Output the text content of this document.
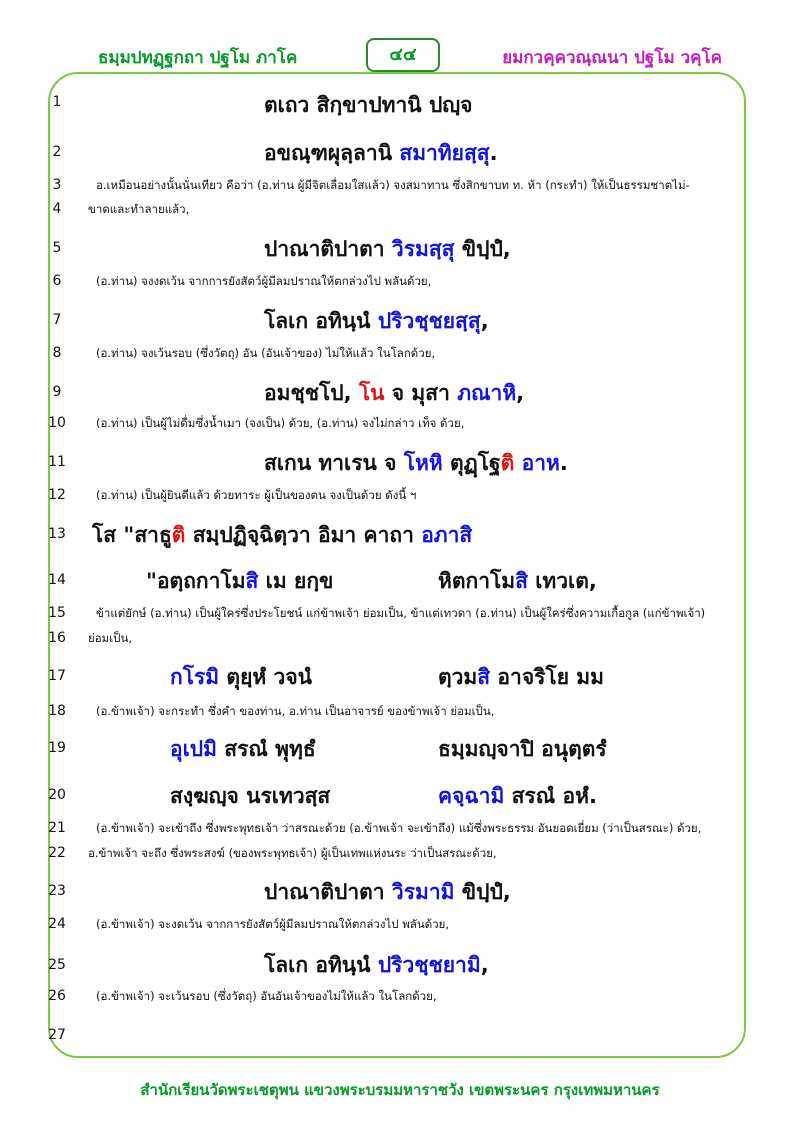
ธมฺมปทฏฺฐกถา ปฐโม ภาโค	๔๔	ยมกวคฺควณฺณนา ปฐโม วคฺโค
1
2
3
4
5
6
7
8
9
10
11
12
13
14
15
16
17
18
19
20
21
22
23
24
25
26
27
ตเถว สิกฺขาปทานิ ปญฺจ
อขณฺฑผุลฺลานิ สมาทิยสฺสุ.
อ.เหมือนอย่างนั้นนั่นเทียว คือว่า (อ.ท่าน ผู้มีจิตเลื่อมใสแล้ว) จงสมาทาน ซึ่งสิกขาบท ท. ห้า (กระทำ) ให้เป็นธรรมชาตไม่-
ขาดและทำลายแล้ว,
ปาณาติปาตา วิรมสฺสุ ขิปฺปํ,
(อ.ท่าน) จงงดเว้น จากการยังสัตว์ผู้มีลมปราณให้ตกล่วงไป พลันด้วย,
โลเก อทินฺนํ ปริวชฺชยสฺสุ,
(อ.ท่าน) จงเว้นรอบ (ซึ่งวัตถุ) อัน (อันเจ้าของ) ไม่ให้แล้ว ในโลกด้วย,
อมชฺชโป, โน จ มุสา ภณาหิ,
(อ.ท่าน) เป็นผู้ไม่ดื่มซึ่งน้ำเมา (จงเป็น) ด้วย, (อ.ท่าน) จงไม่กล่าว เท็จ ด้วย,
สเกน ทาเรน จ โหหิ ตุฏฺโฐติ อาห.
(อ.ท่าน) เป็นผู้ยินดีแล้ว ด้วยทาระ ผู้เป็นของตน จงเป็นด้วย ดังนี้ ฯ
โส "สาธูติ สมฺปฏิจฺฉิตฺวา อิมา คาถา อภาสิ
"อตฺถกาโมสิ เม ยกฺข	หิตกาโมสิ เทวเต,
ข้าแต่ยักษ์ (อ.ท่าน) เป็นผู้ใคร่ซึ่งประโยชน์ แก่ข้าพเจ้า ย่อมเป็น, ข้าแต่เทวดา (อ.ท่าน) เป็นผู้ใคร่ซึ่งความเกื้อกูล (แก่ข้าพเจ้า)
ย่อมเป็น,
กโรมิ ตุยฺหํ วจนํ	ตฺวมสิ อาจริโย มม
(อ.ข้าพเจ้า) จะกระทำ ซึ่งคำ ของท่าน, อ.ท่าน เป็นอาจารย์ ของข้าพเจ้า ย่อมเป็น,
อุเปมิ สรณํ พุทฺธํ	ธมฺมญฺจาปิ อนุตฺตรํ
สงฺฆญฺจ นรเทวสฺส	คจฺฉามิ สรณํ อหํ.
(อ.ข้าพเจ้า) จะเข้าถึง ซึ่งพระพุทธเจ้า ว่าสรณะด้วย (อ.ข้าพเจ้า จะเข้าถึง) แม้ซึ่งพระธรรม อันยอดเยี่ยม (ว่าเป็นสรณะ) ด้วย,
อ.ข้าพเจ้า จะถึง ซึ่งพระสงฆ์ (ของพระพุทธเจ้า) ผู้เป็นเทพแห่งนระ ว่าเป็นสรณะด้วย,
ปาณาติปาตา วิรมามิ ขิปฺปํ,
(อ.ข้าพเจ้า) จะงดเว้น จากการยังสัตว์ผู้มีลมปราณให้ตกล่วงไป พลันด้วย,
โลเก อทินฺนํ ปริวชฺชยามิ,
(อ.ข้าพเจ้า) จะเว้นรอบ (ซึ่งวัตถุ) อันอันเจ้าของไม่ให้แล้ว ในโลกด้วย,
สำนักเรียนวัดพระเชตุพน แขวงพระบรมมหาราชวัง เขตพระนคร กรุงเทพมหานคร
